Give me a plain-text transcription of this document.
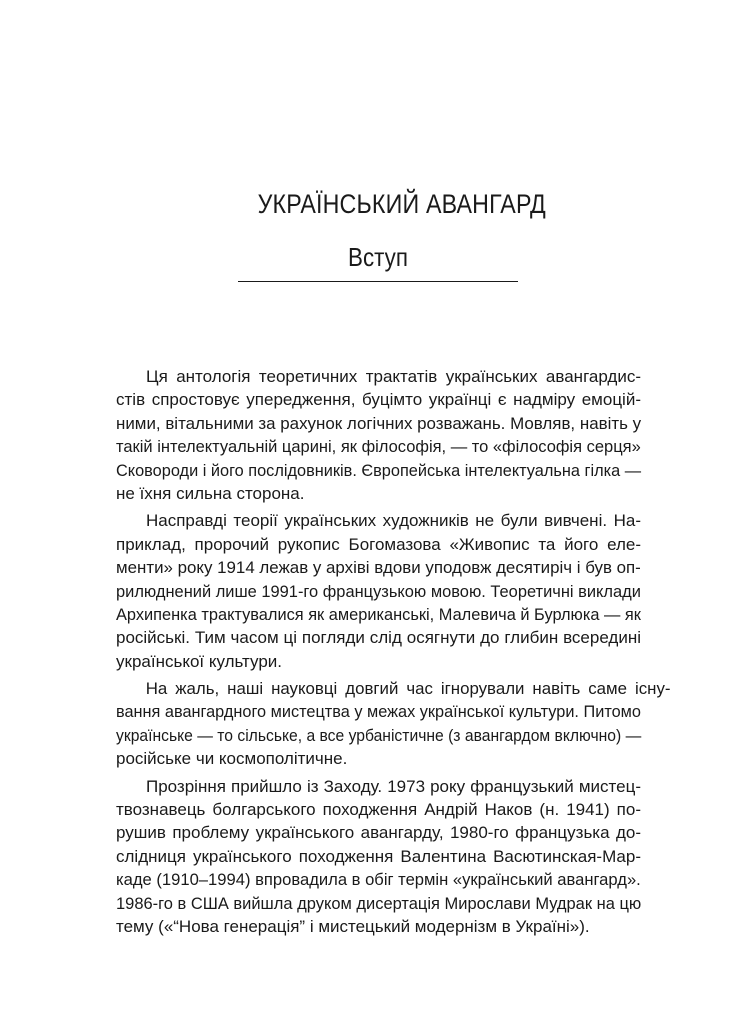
УКРАЇНСЬКИЙ АВАНГАРД
Вступ
Ця антологія теоретичних трактатів українських авангардис-
стів спростовує упередження, буцімто українці є надміру емоцій-
ними, вітальними за рахунок логічних розважань. Мовляв, навіть у
такій інтелектуальній царині, як філософія, — то «філософія серця»
Сковороди і його послідовників. Європейська інтелектуальна гілка —
не їхня сильна сторона.
Насправді теорії українських художників не були вивчені. На-
приклад, пророчий рукопис Богомазова «Живопис та його еле-
менти» року 1914 лежав у архіві вдови уподовж десятиріч і був оп-
рилюднений лише 1991-го французькою мовою. Теоретичні виклади
Архипенка трактувалися як американські, Малевича й Бурлюка — як
російські. Тим часом ці погляди слід осягнути до глибин всередині
української культури.
На жаль, наші науковці довгий час ігнорували навіть саме існу-
вання авангардного мистецтва у межах української культури. Питомо
українське — то сільське, а все урбаністичне (з авангардом включно) —
російське чи космополітичне.
Прозріння прийшло із Заходу. 1973 року французький мистец-
твознавець болгарського походження Андрій Наков (н. 1941) по-
рушив проблему українського авангарду, 1980-го французька до-
слідниця українського походження Валентина Васютинская-Мар-
каде (1910–1994) впровадила в обіг термін «український авангард».
1986-го в США вийшла друком дисертація Мирослави Мудрак на цю
тему («“Нова генерація” і мистецький модернізм в Україні»).
